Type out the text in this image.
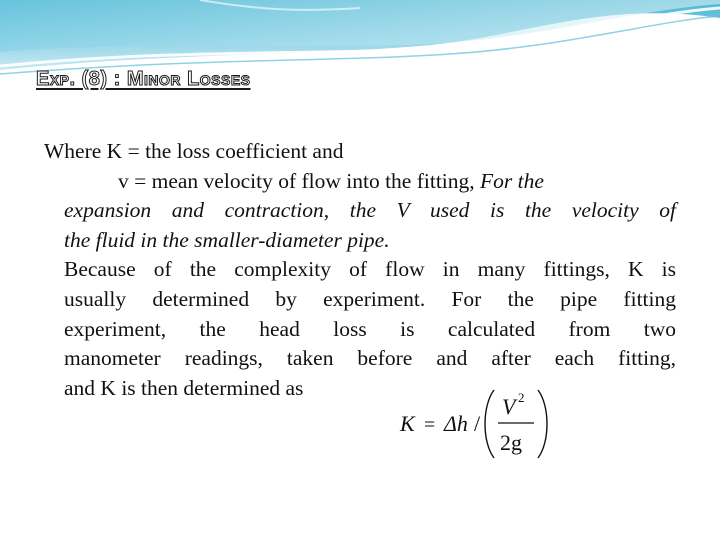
Exp. (8) : Minor Losses
Where K = the loss coefficient and
v = mean velocity of flow into the fitting, For the
expansion and contraction, the V used is the velocity of
the fluid in the smaller-diameter pipe.
Because of the complexity of flow in many fittings, K is
usually determined by experiment. For the pipe fitting
experiment, the head loss is calculated from two
manometer readings, taken before and after each fitting,
and K is then determined as
K = Δh /
V 2
2g
